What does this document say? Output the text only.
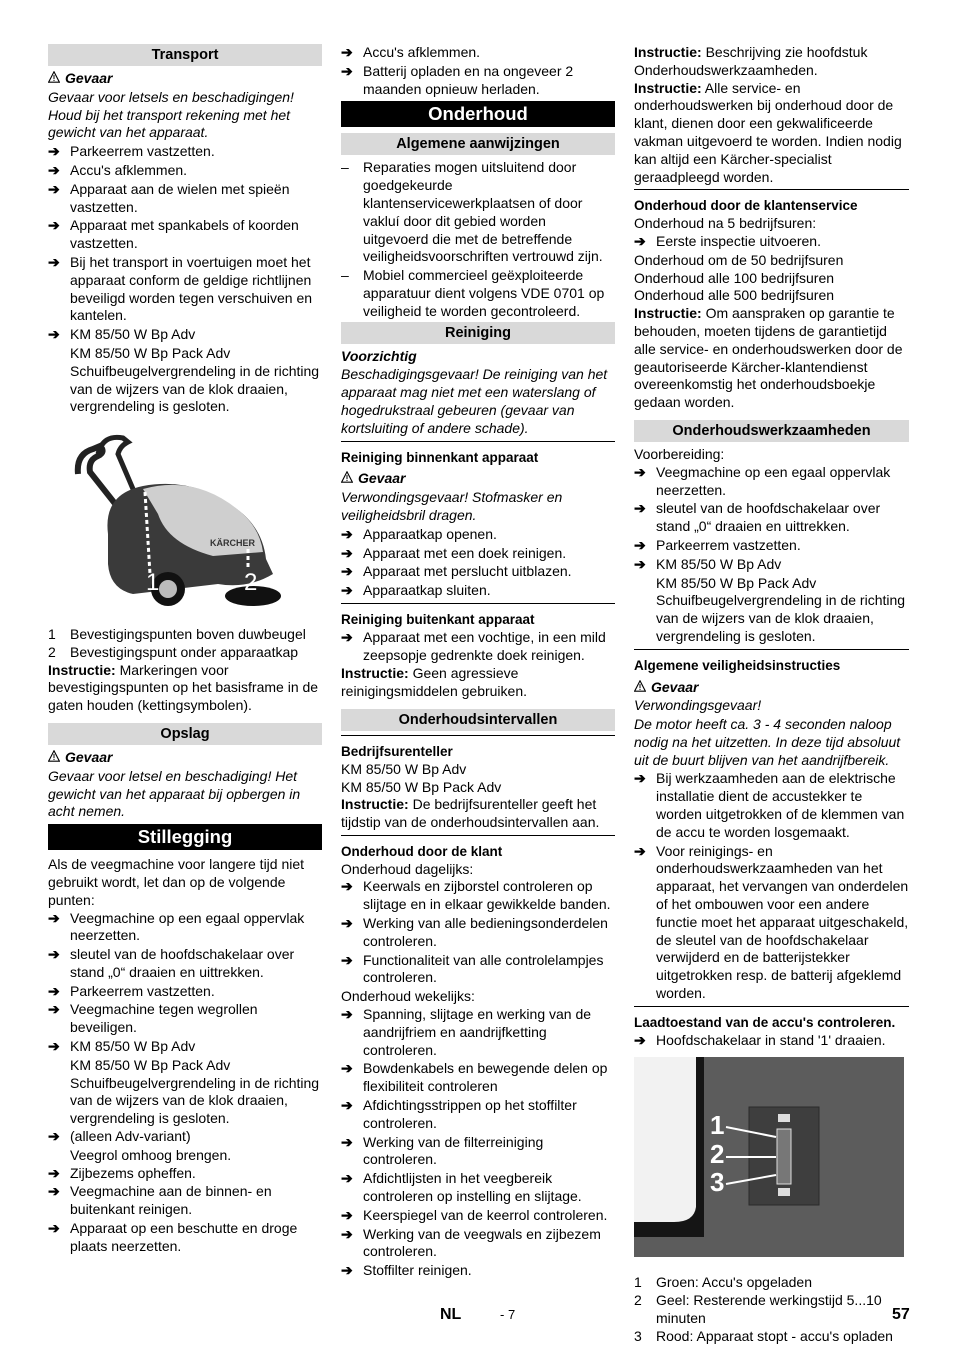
Transport
Gevaar
Gevaar voor letsels en beschadigingen! Houd bij het transport rekening met het gewicht van het apparaat.
➔ Parkeerrem vastzetten.
➔ Accu's afklemmen.
➔ Apparaat aan de wielen met spieën vastzetten.
➔ Apparaat met spankabels of koorden vastzetten.
➔ Bij het transport in voertuigen moet het apparaat conform de geldige richtlijnen beveiligd worden tegen verschuiven en kantelen.
➔ KM 85/50 W Bp Adv
KM 85/50 W Bp Pack Adv
Schuifbeugelvergrendeling in de richting van de wijzers van de klok draaien, vergrendeling is gesloten.
KÄRCHER
1	2
1 Bevestigingspunten boven duwbeugel
2 Bevestigingspunt onder apparaatkap
Instructie: Markeringen voor bevestigingspunten op het basisframe in de gaten houden (kettingsymbolen).
Opslag
Gevaar
Gevaar voor letsel en beschadiging! Het gewicht van het apparaat bij opbergen in acht nemen.
Stillegging
Als de veegmachine voor langere tijd niet gebruikt wordt, let dan op de volgende punten:
➔ Veegmachine op een egaal oppervlak neerzetten.
➔ sleutel van de hoofdschakelaar over stand „0“ draaien en uittrekken.
➔ Parkeerrem vastzetten.
➔ Veegmachine tegen wegrollen beveiligen.
➔ KM 85/50 W Bp Adv
KM 85/50 W Bp Pack Adv
Schuifbeugelvergrendeling in de richting van de wijzers van de klok draaien, vergrendeling is gesloten.
➔ (alleen Adv-variant)
Veegrol omhoog brengen.
➔ Zijbezems opheffen.
➔ Veegmachine aan de binnen- en buitenkant reinigen.
➔ Apparaat op een beschutte en droge plaats neerzetten.
➔ Accu's afklemmen.
➔ Batterij opladen en na ongeveer 2 maanden opnieuw herladen.
Onderhoud
Algemene aanwijzingen
– Reparaties mogen uitsluitend door goedgekeurde klantenservicewerkplaatsen of door vakluí door dit gebied worden uitgevoerd die met de betreffende veiligheidsvoorschriften vertrouwd zijn.
– Mobiel commercieel geëxploiteerde apparatuur dient volgens VDE 0701 op veiligheid te worden gecontroleerd.
Reiniging
Voorzichtig
Beschadigingsgevaar! De reiniging van het apparaat mag niet met een waterslang of hogedrukstraal gebeuren (gevaar van kortsluiting of andere schade).
Reiniging binnenkant apparaat
Gevaar
Verwondingsgevaar! Stofmasker en veiligheidsbril dragen.
➔ Apparaatkap openen.
➔ Apparaat met een doek reinigen.
➔ Apparaat met perslucht uitblazen.
➔ Apparaatkap sluiten.
Reiniging buitenkant apparaat
➔ Apparaat met een vochtige, in een mild zeepsopje gedrenkte doek reinigen.
Instructie: Geen agressieve reinigingsmiddelen gebruiken.
Onderhoudsintervallen
Bedrijfsurenteller
KM 85/50 W Bp Adv
KM 85/50 W Bp Pack Adv
Instructie: De bedrijfsurenteller geeft het tijdstip van de onderhoudsintervallen aan.
Onderhoud door de klant
Onderhoud dagelijks:
➔ Keerwals en zijborstel controleren op slijtage en in elkaar gewikkelde banden.
➔ Werking van alle bedieningsonderdelen controleren.
➔ Functionaliteit van alle controlelampjes controleren.
Onderhoud wekelijks:
➔ Spanning, slijtage en werking van de aandrijfriem en aandrijfketting controleren.
➔ Bowdenkabels en bewegende delen op flexibiliteit controleren
➔ Afdichtingsstrippen op het stoffilter controleren.
➔ Werking van de filterreiniging controleren.
➔ Afdichtlijsten in het veegbereik controleren op instelling en slijtage.
➔ Keerspiegel van de keerrol controleren.
➔ Werking van de veegwals en zijbezem controleren.
➔ Stoffilter reinigen.
Instructie: Beschrijving zie hoofdstuk Onderhoudswerkzaamheden.
Instructie: Alle service- en onderhoudswerken bij onderhoud door de klant, dienen door een gekwalificeerde vakman uitgevoerd te worden. Indien nodig kan altijd een Kärcher-specialist geraadpleegd worden.
Onderhoud door de klantenservice
Onderhoud na 5 bedrijfsuren:
➔ Eerste inspectie uitvoeren.
Onderhoud om de 50 bedrijfsuren
Onderhoud alle 100 bedrijfsuren
Onderhoud alle 500 bedrijfsuren
Instructie: Om aanspraken op garantie te behouden, moeten tijdens de garantietijd alle service- en onderhoudswerken door de geautoriseerde Kärcher-klantendienst overeenkomstig het onderhoudsboekje gedaan worden.
Onderhoudswerkzaamheden
Voorbereiding:
➔ Veegmachine op een egaal oppervlak neerzetten.
➔ sleutel van de hoofdschakelaar over stand „0“ draaien en uittrekken.
➔ Parkeerrem vastzetten.
➔ KM 85/50 W Bp Adv
KM 85/50 W Bp Pack Adv
Schuifbeugelvergrendeling in de richting van de wijzers van de klok draaien, vergrendeling is gesloten.
Algemene veiligheidsinstructies
Gevaar
Verwondingsgevaar!
De motor heeft ca. 3 - 4 seconden naloop nodig na het uitzetten. In deze tijd absoluut uit de buurt blijven van het aandrijfbereik.
➔ Bij werkzaamheden aan de elektrische installatie dient de accustekker te worden uitgetrokken of de klemmen van de accu te worden losgemaakt.
➔ Voor reinigings- en onderhoudswerkzaamheden van het apparaat, het vervangen van onderdelen of het ombouwen voor een andere functie moet het apparaat uitgeschakeld, de sleutel van de hoofdschakelaar verwijderd en de batterijstekker uitgetrokken resp. de batterij afgeklemd worden.
Laadtoestand van de accu's controleren.
➔ Hoofdschakelaar in stand '1' draaien.
1
2
3
1 Groen: Accu's opgeladen
2 Geel: Resterende werkingstijd 5...10 minuten
3 Rood: Apparaat stopt - accu's opladen
NL	- 7	57
